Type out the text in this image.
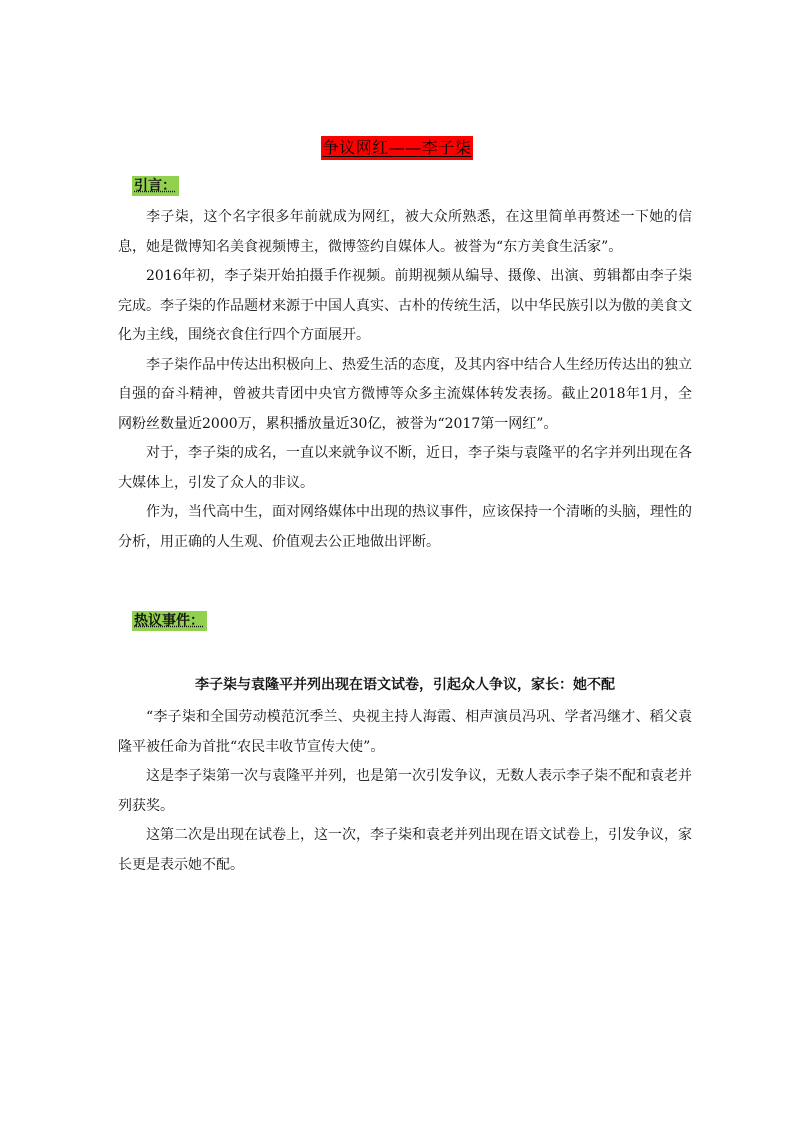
争议网红——李子柒
引言：

李子柒，这个名字很多年前就成为网红，被大众所熟悉，在这里简单再赘述一下她的信息，她是微博知名美食视频博主，微博签约自媒体人。被誉为“东方美食生活家”。

2016年初，李子柒开始拍摄手作视频。前期视频从编导、摄像、出演、剪辑都由李子柒完成。李子柒的作品题材来源于中国人真实、古朴的传统生活，以中华民族引以为傲的美食文化为主线，围绕衣食住行四个方面展开。

李子柒作品中传达出积极向上、热爱生活的态度，及其内容中结合人生经历传达出的独立自强的奋斗精神，曾被共青团中央官方微博等众多主流媒体转发表扬。截止2018年1月，全网粉丝数量近2000万，累积播放量近30亿，被誉为“2017第一网红”。

对于，李子柒的成名，一直以来就争议不断，近日，李子柒与袁隆平的名字并列出现在各大媒体上，引发了众人的非议。

作为，当代高中生，面对网络媒体中出现的热议事件，应该保持一个清晰的头脑，理性的分析，用正确的人生观、价值观去公正地做出评断。

热议事件：
李子柒与袁隆平并列出现在语文试卷，引起众人争议，家长：她不配

“李子柒和全国劳动模范沉季兰、央视主持人海霞、相声演员冯巩、学者冯继才、稻父袁隆平被任命为首批“农民丰收节宣传大使”。

这是李子柒第一次与袁隆平并列，也是第一次引发争议，无数人表示李子柒不配和袁老并列获奖。

这第二次是出现在试卷上，这一次，李子柒和袁老并列出现在语文试卷上，引发争议，家长更是表示她不配。
